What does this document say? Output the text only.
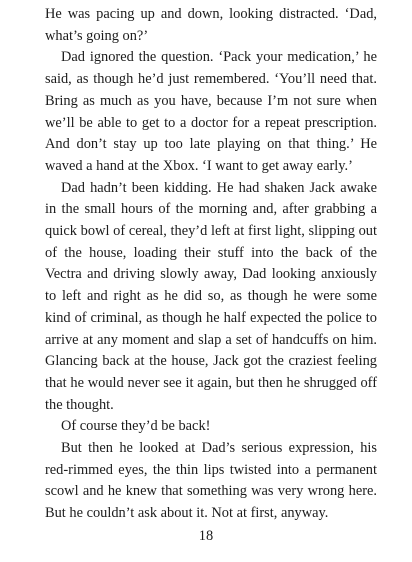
He was pacing up and down, looking distracted. ‘Dad, what’s going on?’

Dad ignored the question. ‘Pack your medication,’ he said, as though he’d just remembered. ‘You’ll need that. Bring as much as you have, because I’m not sure when we’ll be able to get to a doctor for a repeat prescription. And don’t stay up too late playing on that thing.’ He waved a hand at the Xbox. ‘I want to get away early.’

Dad hadn’t been kidding. He had shaken Jack awake in the small hours of the morning and, after grabbing a quick bowl of cereal, they’d left at first light, slipping out of the house, loading their stuff into the back of the Vectra and driving slowly away, Dad looking anxiously to left and right as he did so, as though he were some kind of criminal, as though he half expected the police to arrive at any moment and slap a set of handcuffs on him. Glancing back at the house, Jack got the craziest feeling that he would never see it again, but then he shrugged off the thought.

Of course they’d be back!

But then he looked at Dad’s serious expression, his red-rimmed eyes, the thin lips twisted into a permanent scowl and he knew that something was very wrong here. But he couldn’t ask about it. Not at first, anyway.

18
